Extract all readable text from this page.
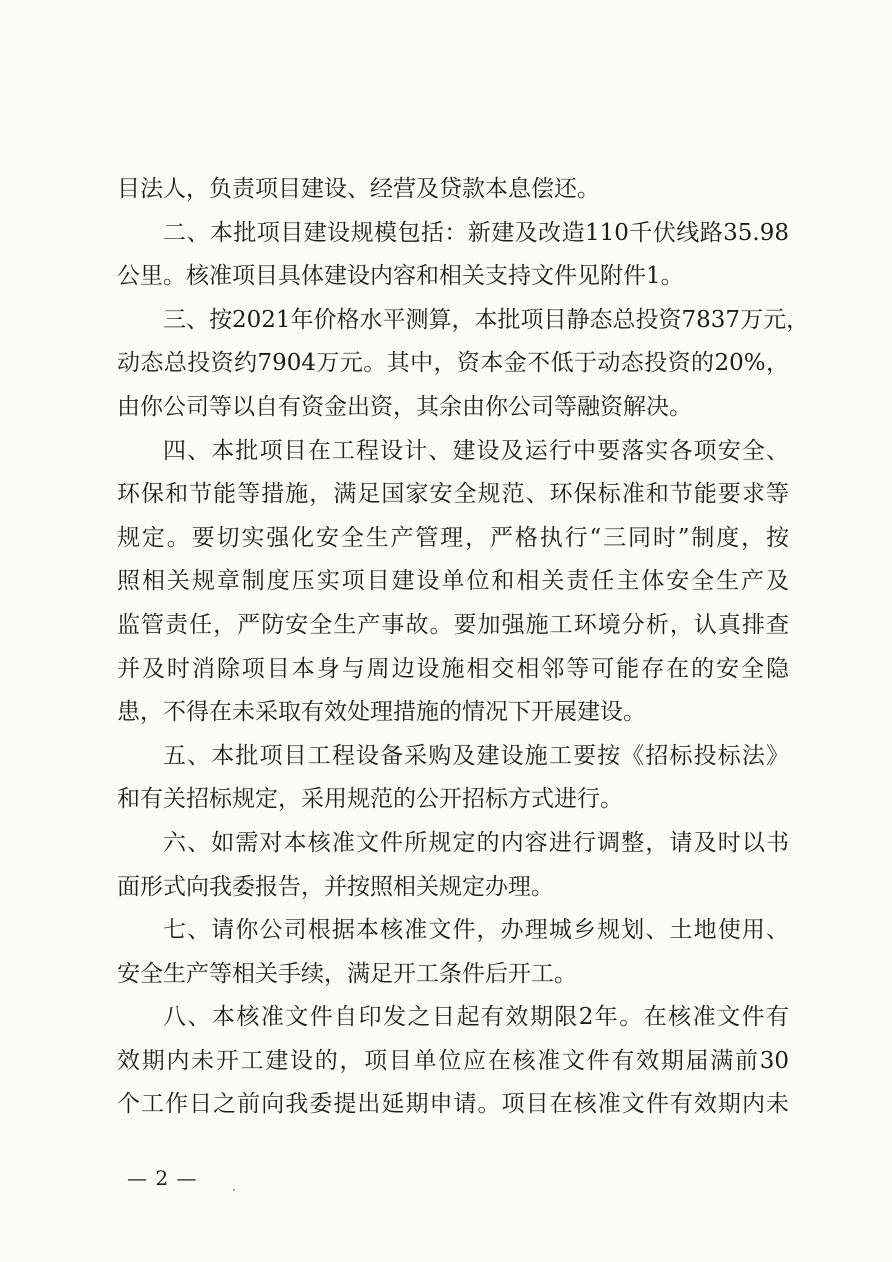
目法人，负责项目建设、经营及贷款本息偿还。
二、本批项目建设规模包括：新建及改造110千伏线路35.98
公里。核准项目具体建设内容和相关支持文件见附件1。
三、按2021年价格水平测算，本批项目静态总投资7837万元，
动态总投资约7904万元。其中，资本金不低于动态投资的20%，
由你公司等以自有资金出资，其余由你公司等融资解决。
四、本批项目在工程设计、建设及运行中要落实各项安全、
环保和节能等措施，满足国家安全规范、环保标准和节能要求等
规定。要切实强化安全生产管理，严格执行“三同时”制度，按
照相关规章制度压实项目建设单位和相关责任主体安全生产及
监管责任，严防安全生产事故。要加强施工环境分析，认真排查
并及时消除项目本身与周边设施相交相邻等可能存在的安全隐
患，不得在未采取有效处理措施的情况下开展建设。
五、本批项目工程设备采购及建设施工要按《招标投标法》
和有关招标规定，采用规范的公开招标方式进行。
六、如需对本核准文件所规定的内容进行调整，请及时以书
面形式向我委报告，并按照相关规定办理。
七、请你公司根据本核准文件，办理城乡规划、土地使用、
安全生产等相关手续，满足开工条件后开工。
八、本核准文件自印发之日起有效期限2年。在核准文件有
效期内未开工建设的，项目单位应在核准文件有效期届满前30
个工作日之前向我委提出延期申请。项目在核准文件有效期内未
— 2 —
